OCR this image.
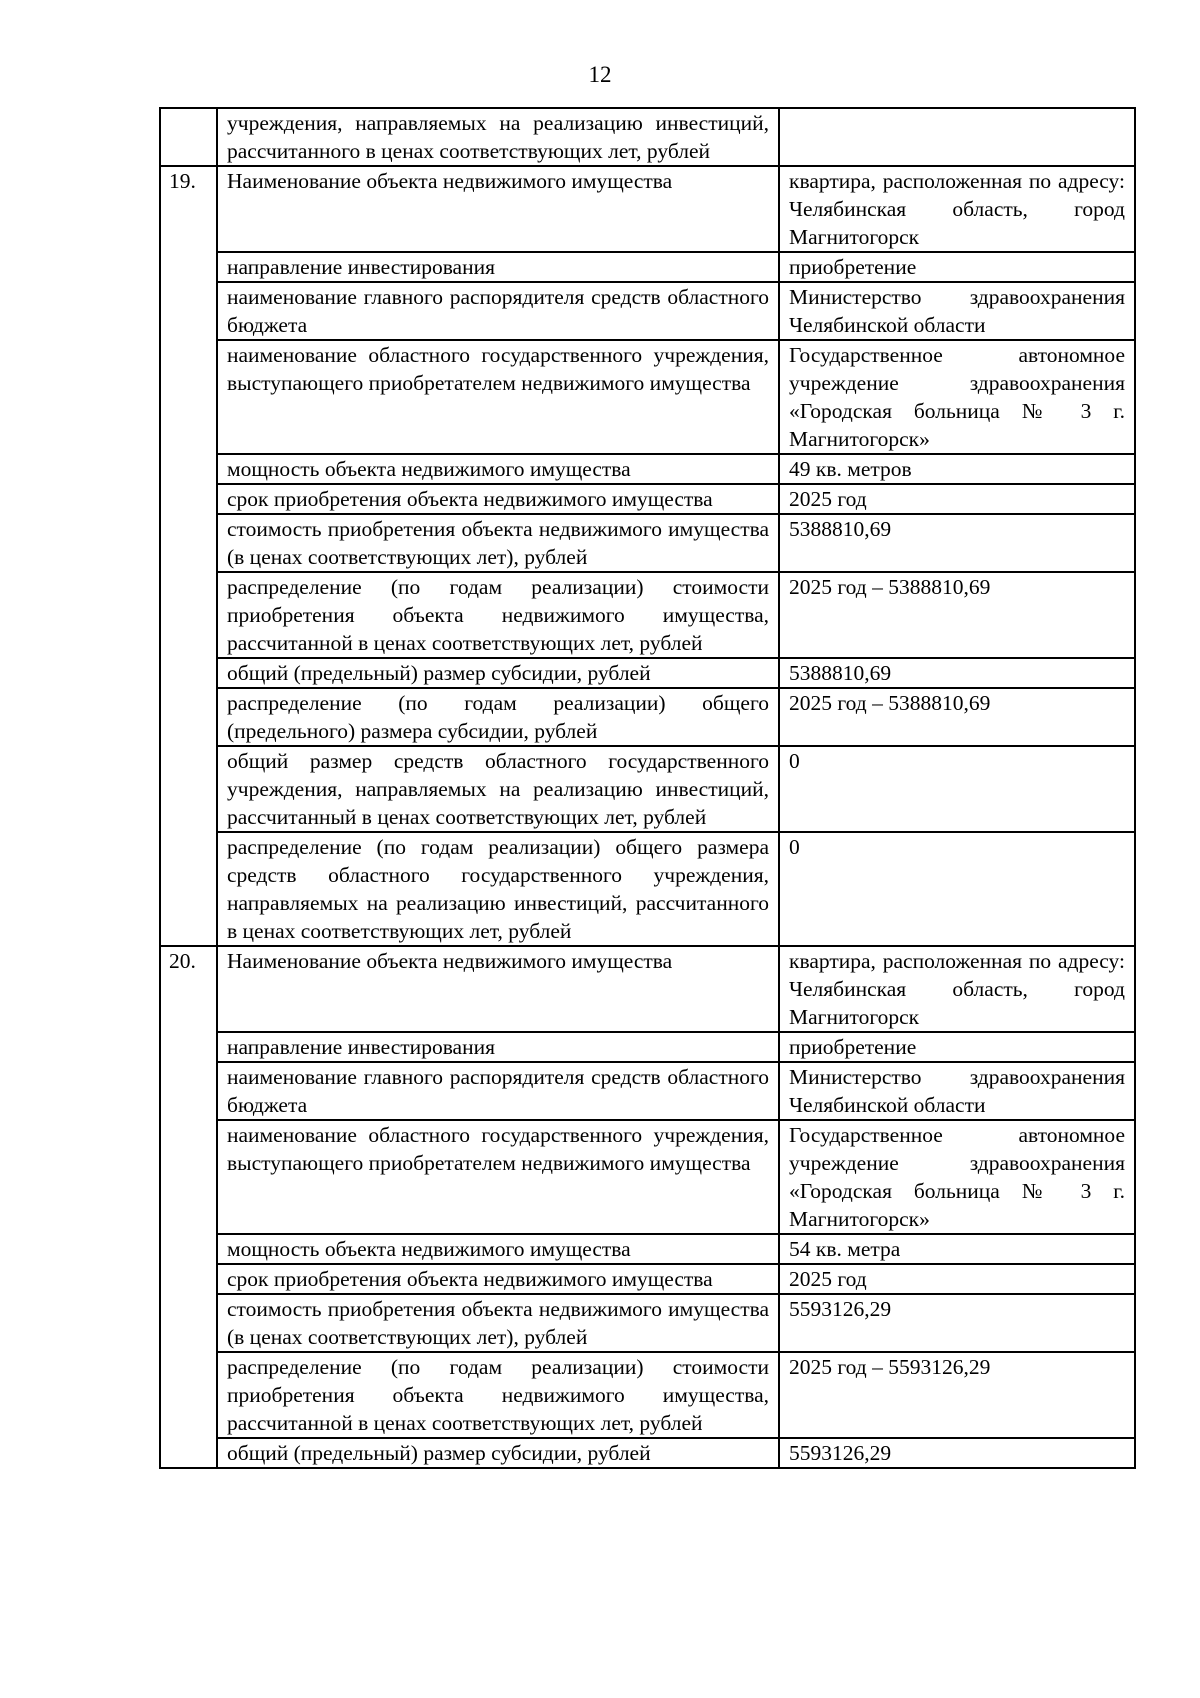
12
	учреждения, направляемых на реализацию инвестиций, рассчитанного в ценах соответствующих лет, рублей	
19.	Наименование объекта недвижимого имущества	квартира, расположенная по адресу: Челябинская область, город Магнитогорск
	направление инвестирования	приобретение
	наименование главного распорядителя средств областного бюджета	Министерство здравоохранения Челябинской области
	наименование областного государственного учреждения, выступающего приобретателем недвижимого имущества	Государственное автономное учреждение здравоохранения «Городская больница № 3 г. Магнитогорск»
	мощность объекта недвижимого имущества	49 кв. метров
	срок приобретения объекта недвижимого имущества	2025 год
	стоимость приобретения объекта недвижимого имущества (в ценах соответствующих лет), рублей	5388810,69
	распределение (по годам реализации) стоимости приобретения объекта недвижимого имущества, рассчитанной в ценах соответствующих лет, рублей	2025 год – 5388810,69
	общий (предельный) размер субсидии, рублей	5388810,69
	распределение (по годам реализации) общего (предельного) размера субсидии, рублей	2025 год – 5388810,69
	общий размер средств областного государственного учреждения, направляемых на реализацию инвестиций, рассчитанный в ценах соответствующих лет, рублей	0
	распределение (по годам реализации) общего размера средств областного государственного учреждения, направляемых на реализацию инвестиций, рассчитанного в ценах соответствующих лет, рублей	0
20.	Наименование объекта недвижимого имущества	квартира, расположенная по адресу: Челябинская область, город Магнитогорск
	направление инвестирования	приобретение
	наименование главного распорядителя средств областного бюджета	Министерство здравоохранения Челябинской области
	наименование областного государственного учреждения, выступающего приобретателем недвижимого имущества	Государственное автономное учреждение здравоохранения «Городская больница № 3 г. Магнитогорск»
	мощность объекта недвижимого имущества	54 кв. метра
	срок приобретения объекта недвижимого имущества	2025 год
	стоимость приобретения объекта недвижимого имущества (в ценах соответствующих лет), рублей	5593126,29
	распределение (по годам реализации) стоимости приобретения объекта недвижимого имущества, рассчитанной в ценах соответствующих лет, рублей	2025 год – 5593126,29
	общий (предельный) размер субсидии, рублей	5593126,29
